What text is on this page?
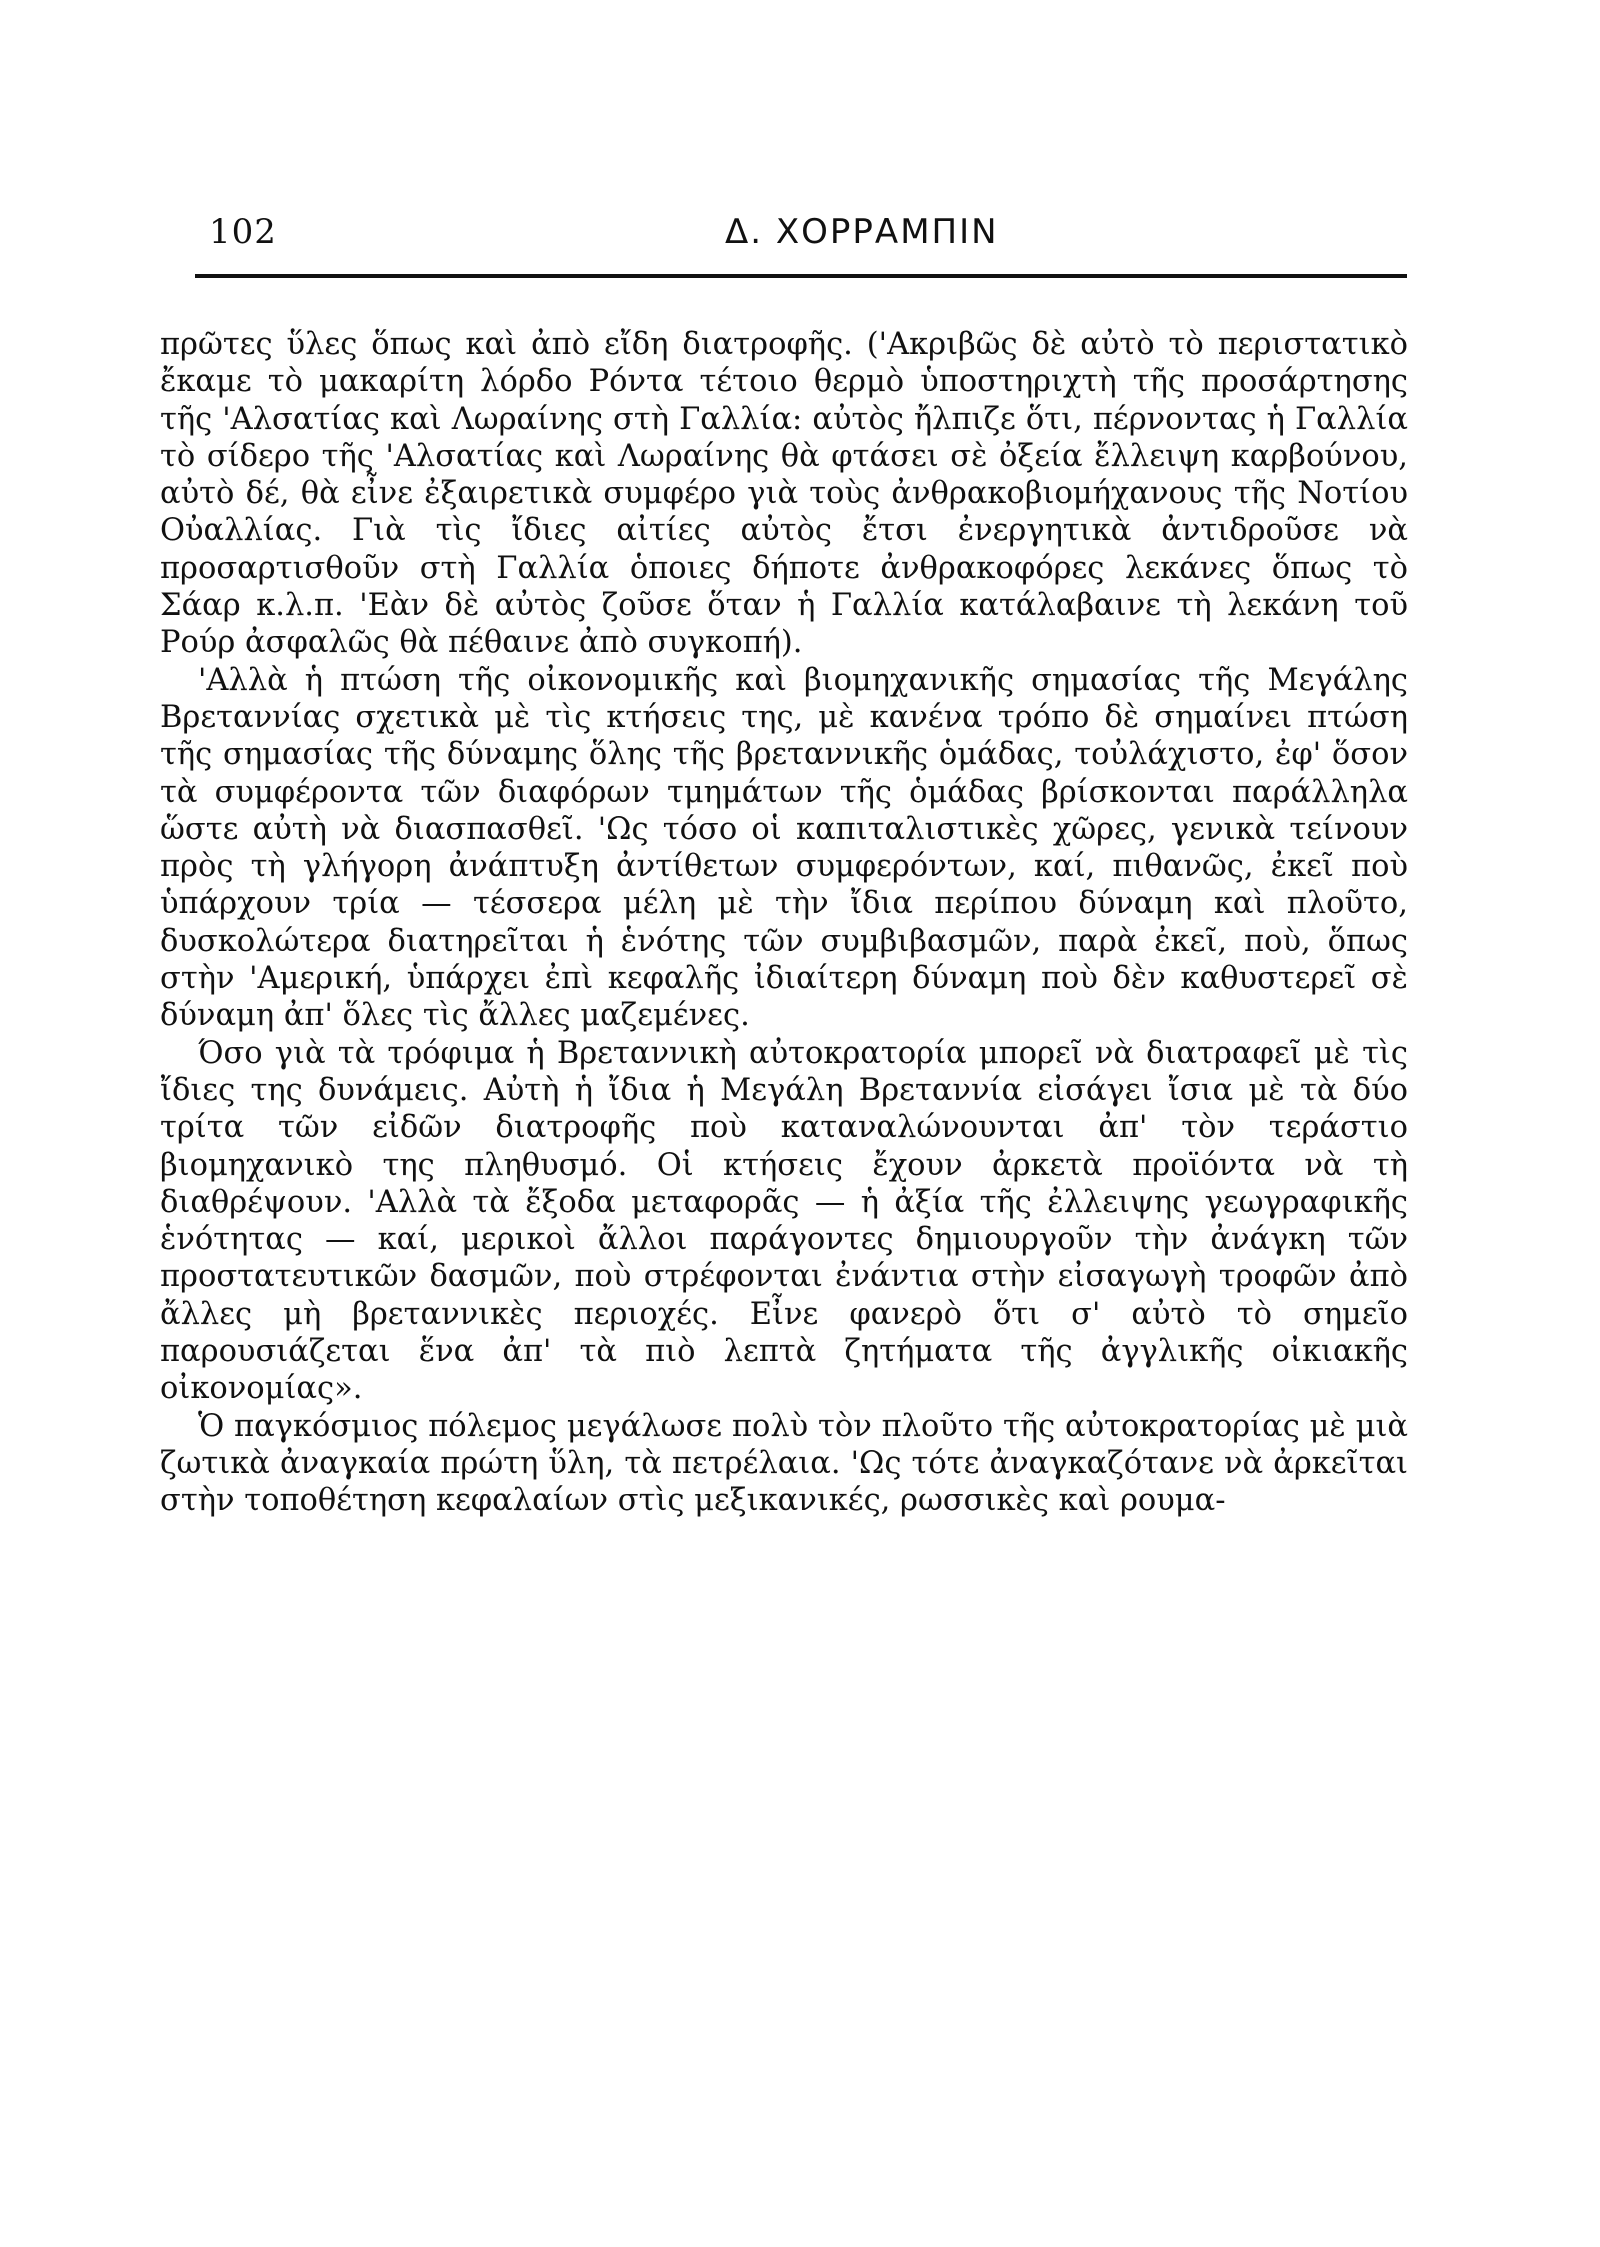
102	Δ. ΧΟΡΡΑΜΠΙΝ

πρῶτες ὕλες ὅπως καὶ ἀπὸ εἴδη διατροφῆς. ('Ακριβῶς δὲ αὐτὸ τὸ περιστατικὸ ἔκαμε τὸ μακαρίτη λόρδο Ρόντα τέτοιο θερμὸ ὑποστηριχτὴ τῆς προσάρτησης τῆς 'Αλσατίας καὶ Λωραίνης στὴ Γαλλία: αὐτὸς ἤλπιζε ὅτι, πέρνοντας ἡ Γαλλία τὸ σίδερο τῆς 'Αλσατίας καὶ Λωραίνης θὰ φτάσει σὲ ὀξεία ἔλλειψη καρβούνου, αὐτὸ δέ, θὰ εἶνε ἐξαιρετικὰ συμφέρο γιὰ τοὺς ἀνθρακοβιομήχανους τῆς Νοτίου Οὐαλλίας. Γιὰ τὶς ἴδιες αἰτίες αὐτὸς ἔτσι ἐνεργητικὰ ἀντιδροῦσε νὰ προσαρτισθοῦν στὴ Γαλλία ὁποιες δήποτε ἀνθρακοφόρες λεκάνες ὅπως τὸ Σάαρ κ.λ.π. 'Εὰν δὲ αὐτὸς ζοῦσε ὅταν ἡ Γαλλία κατάλαβαινε τὴ λεκάνη τοῦ Ρούρ ἀσφαλῶς θὰ πέθαινε ἀπὸ συγκοπή).

'Αλλὰ ἡ πτώση τῆς οἰκονομικῆς καὶ βιομηχανικῆς σημασίας τῆς Μεγάλης Βρεταννίας σχετικὰ μὲ τὶς κτήσεις της, μὲ κανένα τρόπο δὲ σημαίνει πτώση τῆς σημασίας τῆς δύναμης ὅλης τῆς βρεταννικῆς ὁμάδας, τοὐλάχιστο, ἐφ' ὅσον τὰ συμφέροντα τῶν διαφόρων τμημάτων τῆς ὁμάδας βρίσκονται παράλληλα ὥστε αὐτὴ νὰ διασπασθεῖ. 'Ως τόσο οἱ καπιταλιστικὲς χῶρες, γενικὰ τείνουν πρὸς τὴ γλήγορη ἀνάπτυξη ἀντίθετων συμφερόντων, καί, πιθανῶς, ἐκεῖ ποὺ ὑπάρχουν τρία — τέσσερα μέλη μὲ τὴν ἴδια περίπου δύναμη καὶ πλοῦτο, δυσκολώτερα διατηρεῖται ἡ ἑνότης τῶν συμβιβασμῶν, παρὰ ἐκεῖ, ποὺ, ὅπως στὴν 'Αμερική, ὑπάρχει ἐπὶ κεφαλῆς ἰδιαίτερη δύναμη ποὺ δὲν καθυστερεῖ σὲ δύναμη ἀπ' ὅλες τὶς ἄλλες μαζεμένες.

Όσο γιὰ τὰ τρόφιμα ἡ Βρεταννικὴ αὐτοκρατορία μπορεῖ νὰ διατραφεῖ μὲ τὶς ἴδιες της δυνάμεις. Αὐτὴ ἡ ἴδια ἡ Μεγάλη Βρεταννία εἰσάγει ἴσια μὲ τὰ δύο τρίτα τῶν εἰδῶν διατροφῆς ποὺ καταναλώνουνται ἀπ' τὸν τεράστιο βιομηχανικὸ της πληθυσμό. Οἱ κτήσεις ἔχουν ἀρκετὰ προϊόντα νὰ τὴ διαθρέψουν. 'Αλλὰ τὰ ἔξοδα μεταφορᾶς — ἡ ἀξία τῆς ἐλλειψης γεωγραφικῆς ἑνότητας — καί, μερικοὶ ἄλλοι παράγοντες δημιουργοῦν τὴν ἀνάγκη τῶν προστατευτικῶν δασμῶν, ποὺ στρέφονται ἐνάντια στὴν εἰσαγωγὴ τροφῶν ἀπὸ ἄλλες μὴ βρεταννικὲς περιοχές. Εἶνε φανερὸ ὅτι σ' αὐτὸ τὸ σημεῖο παρουσιάζεται ἕνα ἀπ' τὰ πιὸ λεπτὰ ζητήματα τῆς ἀγγλικῆς οἰκιακῆς οἰκονομίας».

Ὁ παγκόσμιος πόλεμος μεγάλωσε πολὺ τὸν πλοῦτο τῆς αὐτοκρατορίας μὲ μιὰ ζωτικὰ ἀναγκαία πρώτη ὕλη, τὰ πετρέλαια. 'Ως τότε ἀναγκαζότανε νὰ ἀρκεῖται στὴν τοποθέτηση κεφαλαίων στὶς μεξικανικές, ρωσσικὲς καὶ ρουμα-
